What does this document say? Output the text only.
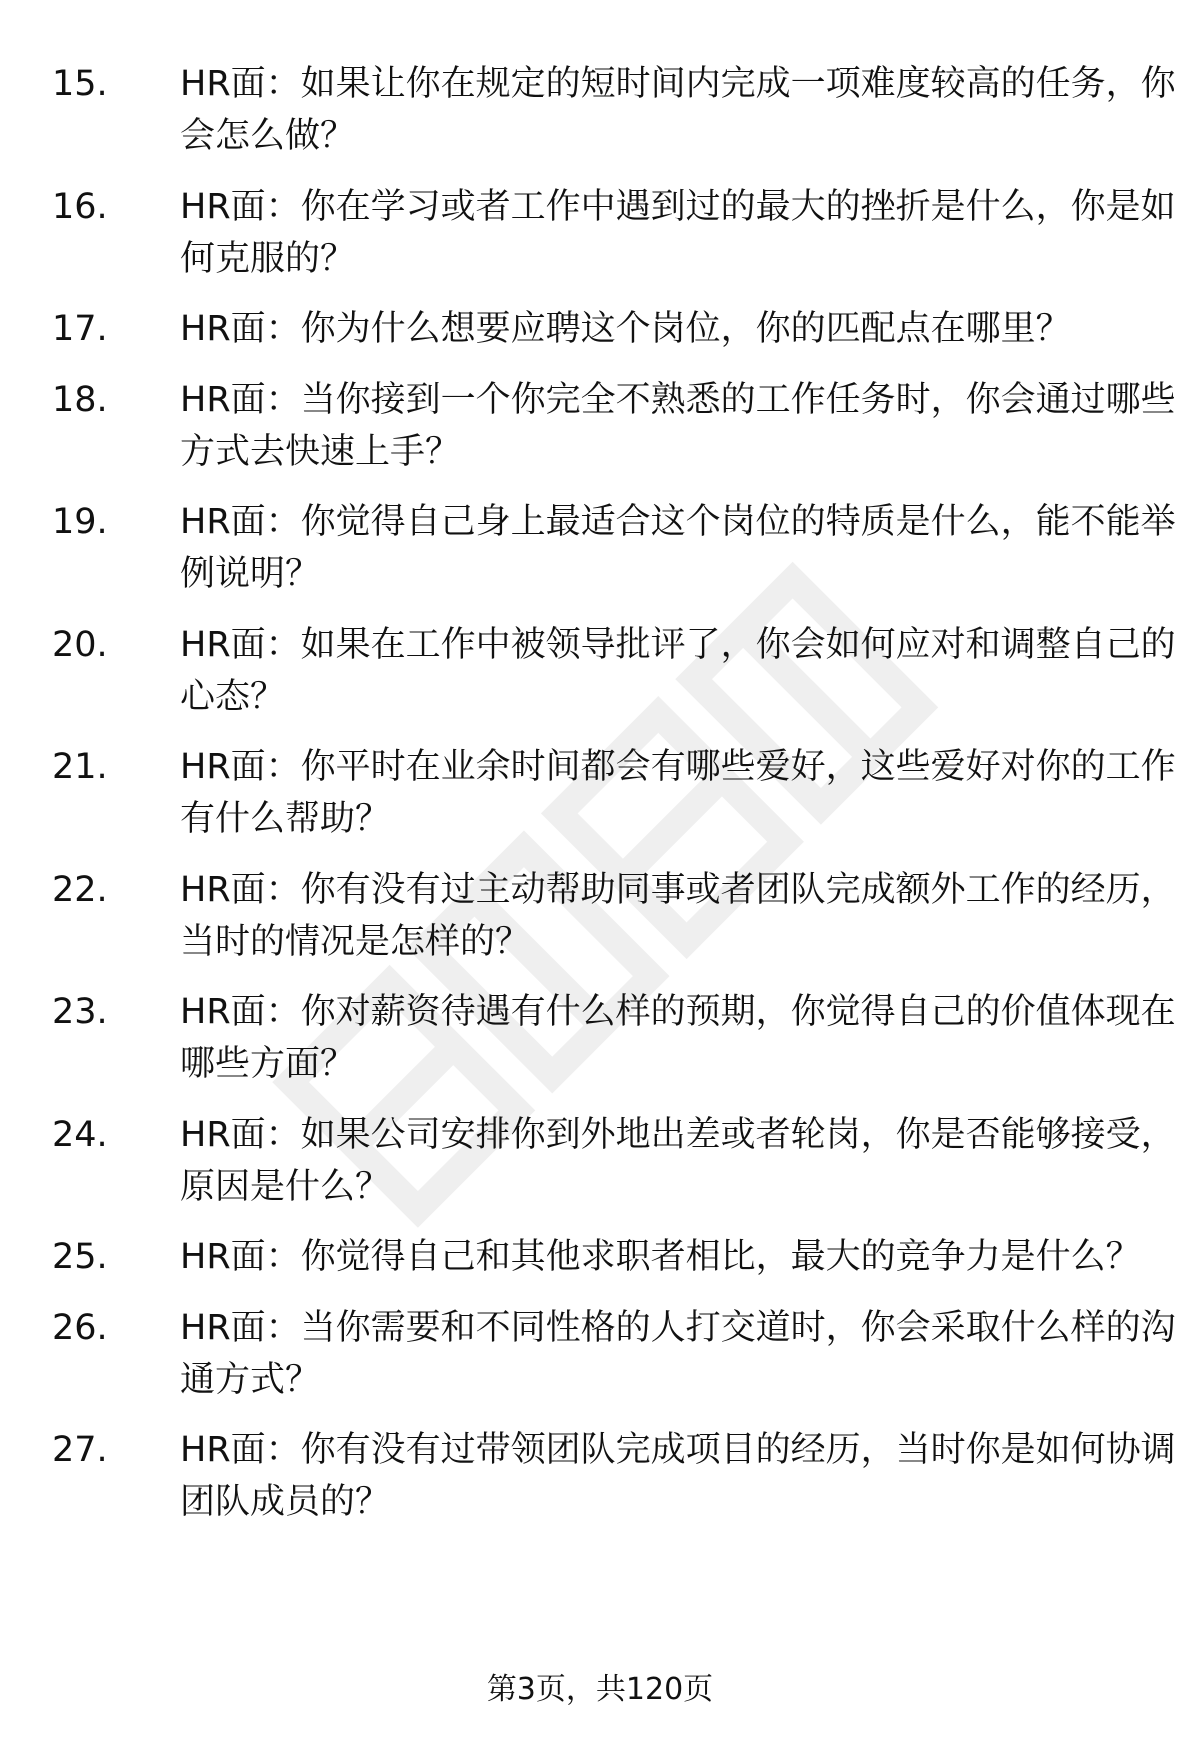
15.	HR面：如果让你在规定的短时间内完成一项难度较高的任务，你会怎么做？
16.	HR面：你在学习或者工作中遇到过的最大的挫折是什么，你是如何克服的？
17.	HR面：你为什么想要应聘这个岗位，你的匹配点在哪里？
18.	HR面：当你接到一个你完全不熟悉的工作任务时，你会通过哪些方式去快速上手？
19.	HR面：你觉得自己身上最适合这个岗位的特质是什么，能不能举例说明？
20.	HR面：如果在工作中被领导批评了，你会如何应对和调整自己的心态？
21.	HR面：你平时在业余时间都会有哪些爱好，这些爱好对你的工作有什么帮助？
22.	HR面：你有没有过主动帮助同事或者团队完成额外工作的经历，当时的情况是怎样的？
23.	HR面：你对薪资待遇有什么样的预期，你觉得自己的价值体现在哪些方面？
24.	HR面：如果公司安排你到外地出差或者轮岗，你是否能够接受，原因是什么？
25.	HR面：你觉得自己和其他求职者相比，最大的竞争力是什么？
26.	HR面：当你需要和不同性格的人打交道时，你会采取什么样的沟通方式？
27.	HR面：你有没有过带领团队完成项目的经历，当时你是如何协调团队成员的？
第3页，共120页
